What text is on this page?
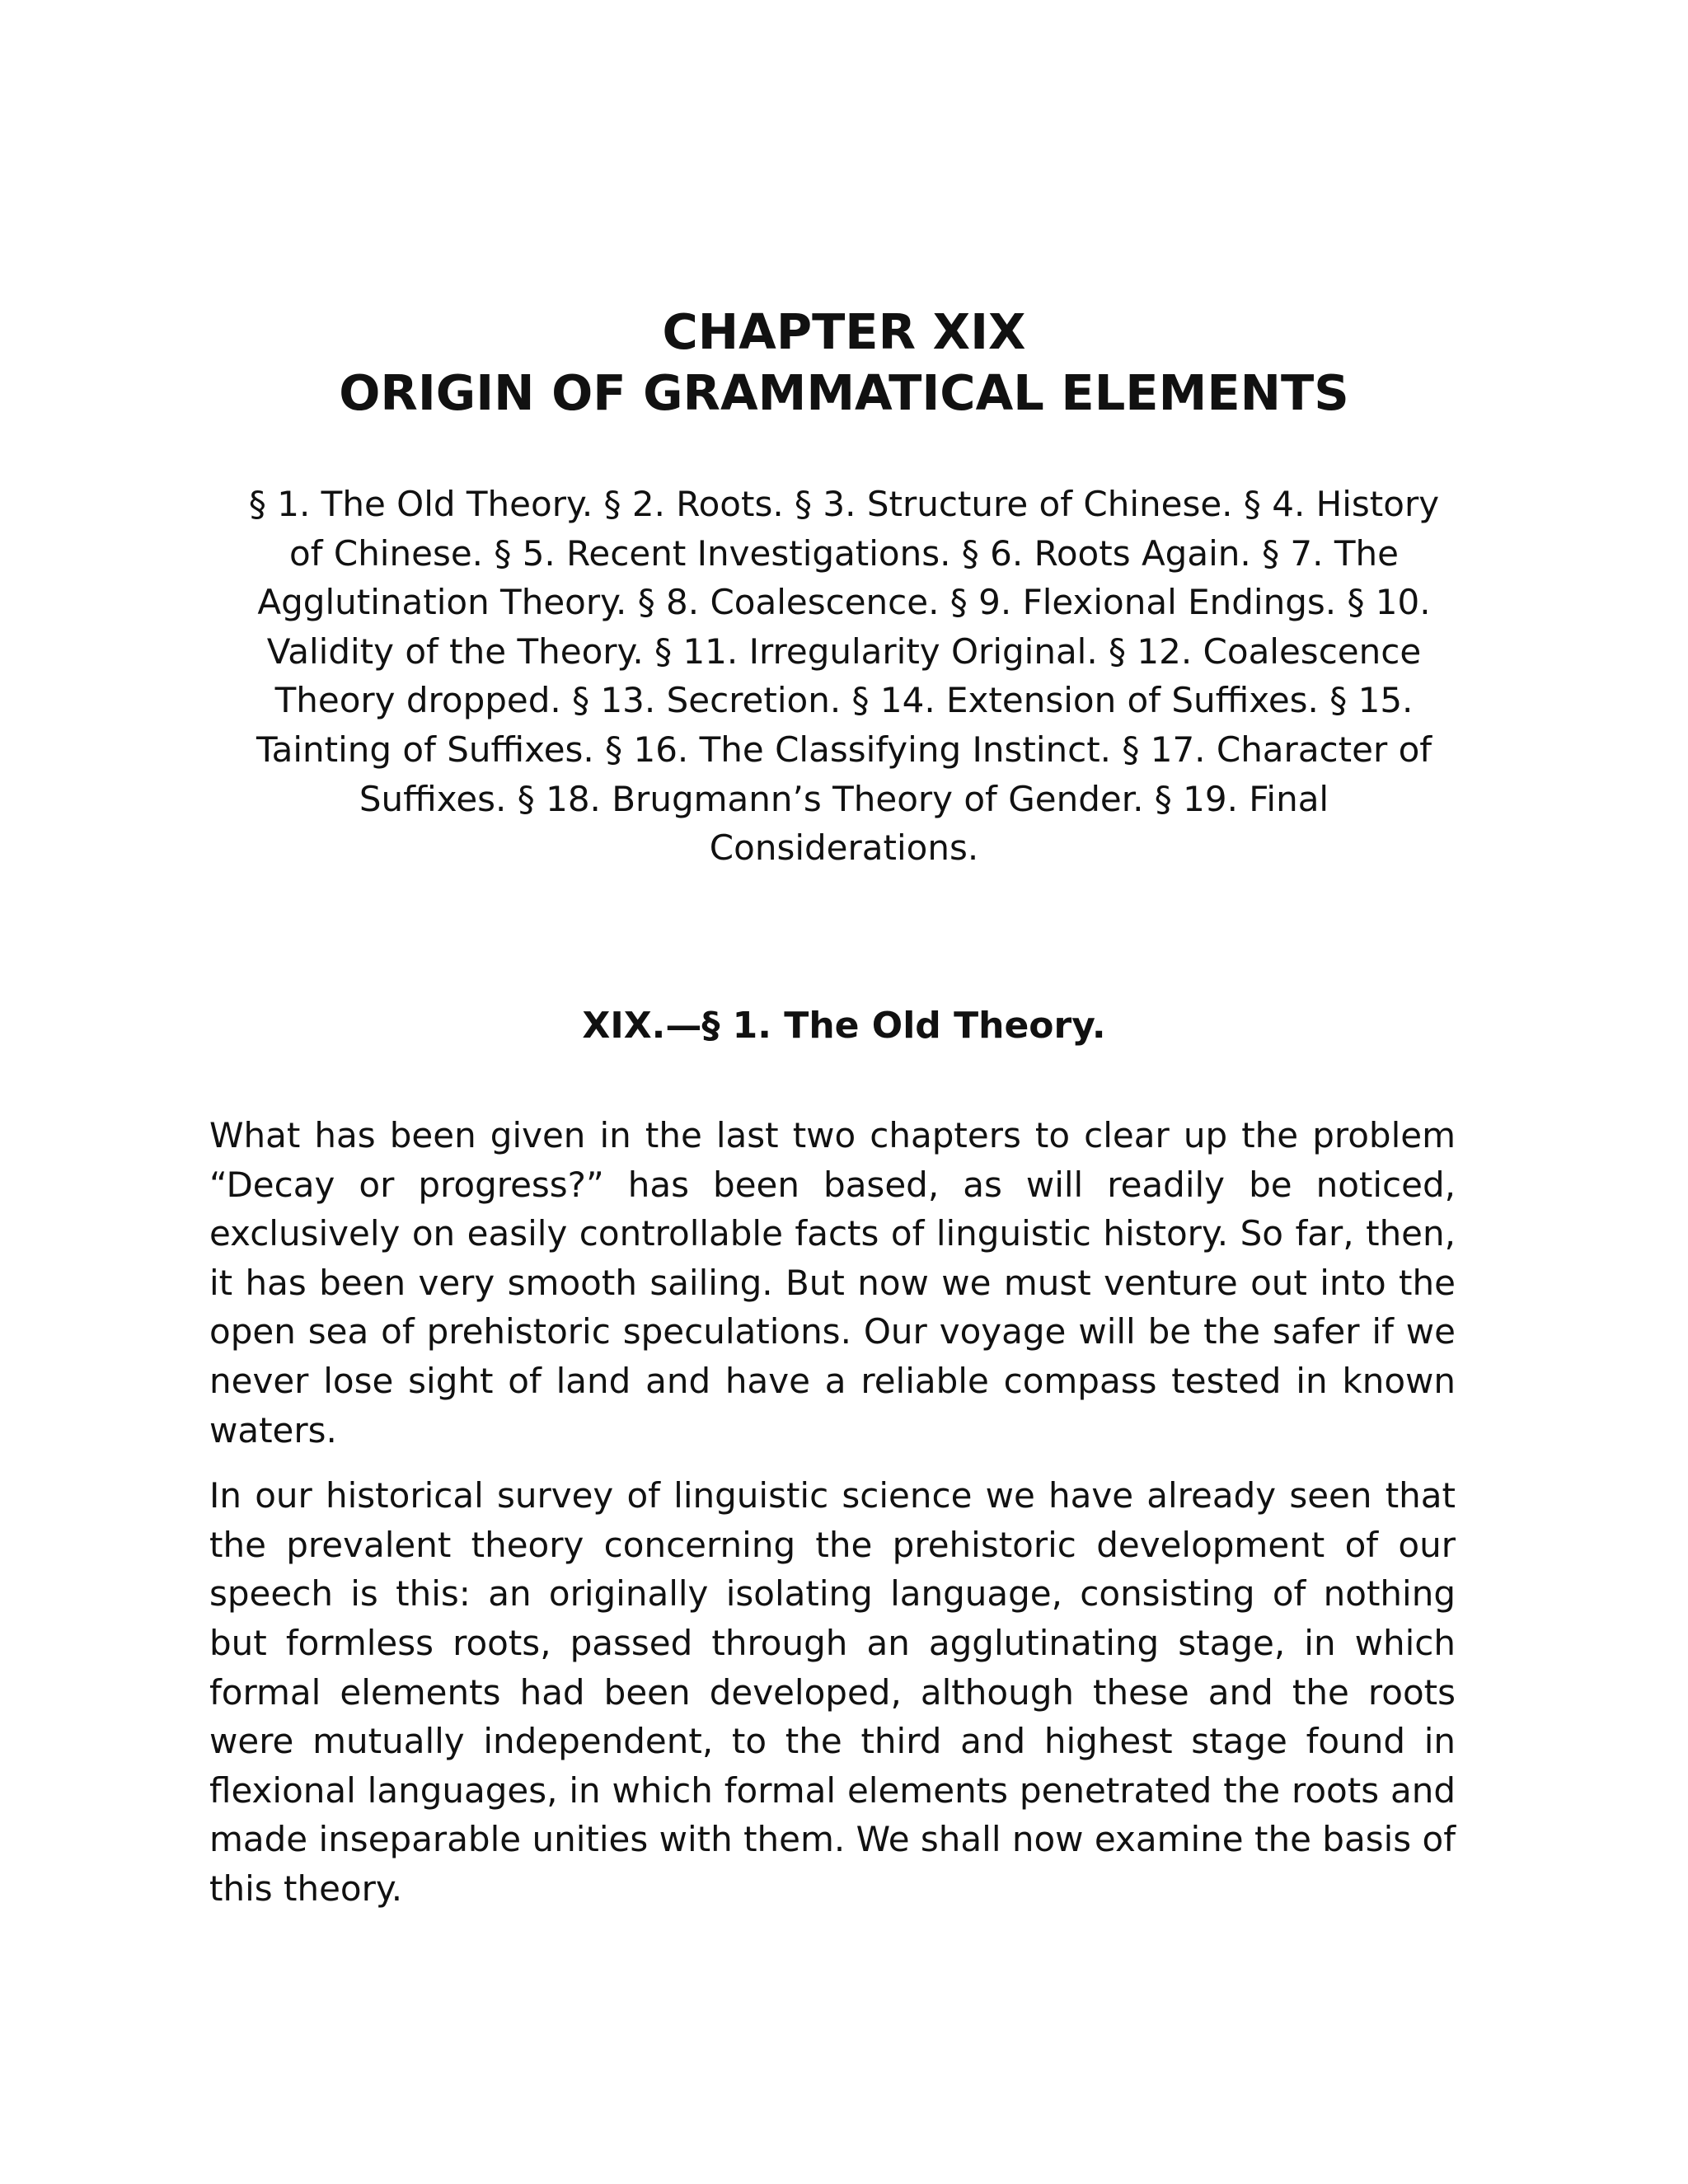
CHAPTER XIX
ORIGIN OF GRAMMATICAL ELEMENTS

§ 1. The Old Theory. § 2. Roots. § 3. Structure of Chinese. § 4. History of Chinese. § 5. Recent Investigations. § 6. Roots Again. § 7. The Agglutination Theory. § 8. Coalescence. § 9. Flexional Endings. § 10. Validity of the Theory. § 11. Irregularity Original. § 12. Coalescence Theory dropped. § 13. Secretion. § 14. Extension of Suffixes. § 15. Tainting of Suffixes. § 16. The Classifying Instinct. § 17. Character of Suffixes. § 18. Brugmann’s Theory of Gender. § 19. Final Considerations.

XIX.—§ 1. The Old Theory.

What has been given in the last two chapters to clear up the problem “Decay or progress?” has been based, as will readily be noticed, exclusively on easily controllable facts of linguistic history. So far, then, it has been very smooth sailing. But now we must venture out into the open sea of prehistoric speculations. Our voyage will be the safer if we never lose sight of land and have a reliable compass tested in known waters.

In our historical survey of linguistic science we have already seen that the prevalent theory concerning the prehistoric development of our speech is this: an originally isolating language, consisting of nothing but formless roots, passed through an agglutinating stage, in which formal elements had been developed, although these and the roots were mutually independent, to the third and highest stage found in flexional languages, in which formal elements penetrated the roots and made inseparable unities with them. We shall now examine the basis of this theory.
